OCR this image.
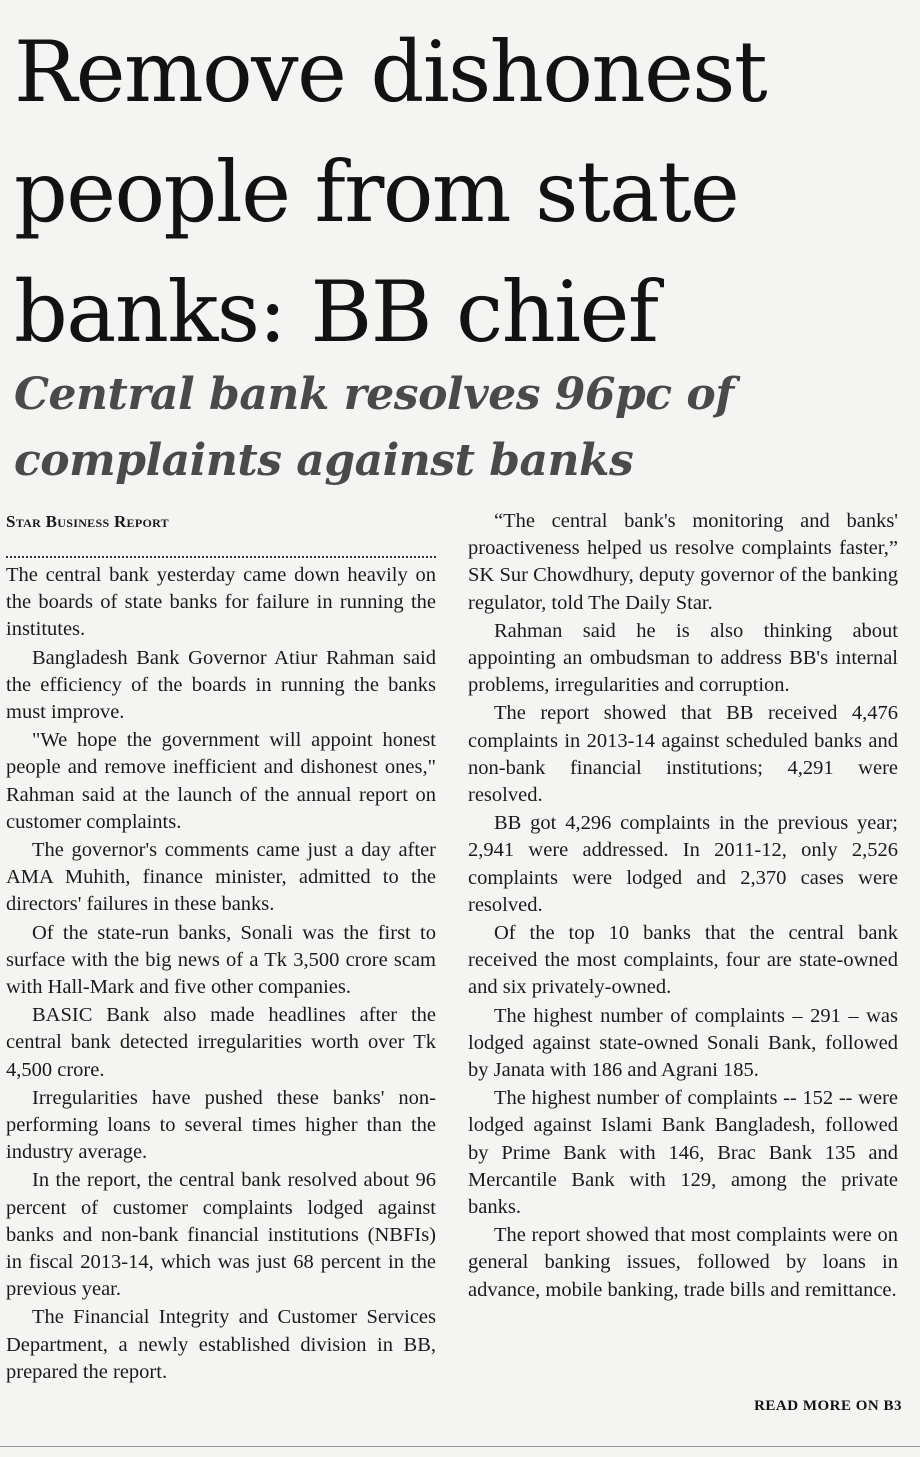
Remove dishonest people from state banks: BB chief
Central bank resolves 96pc of complaints against banks
Star Business Report

The central bank yesterday came down heavily on the boards of state banks for failure in running the institutes.

Bangladesh Bank Governor Atiur Rahman said the efficiency of the boards in running the banks must improve.

"We hope the government will appoint honest people and remove inefficient and dishonest ones," Rahman said at the launch of the annual report on customer complaints.

The governor's comments came just a day after AMA Muhith, finance minister, admitted to the directors' failures in these banks.

Of the state-run banks, Sonali was the first to surface with the big news of a Tk 3,500 crore scam with Hall-Mark and five other companies.

BASIC Bank also made headlines after the central bank detected irregularities worth over Tk 4,500 crore.

Irregularities have pushed these banks' non-performing loans to several times higher than the industry average.

In the report, the central bank resolved about 96 percent of customer complaints lodged against banks and non-bank financial institutions (NBFIs) in fiscal 2013-14, which was just 68 percent in the previous year.

The Financial Integrity and Customer Services Department, a newly established division in BB, prepared the report.

“The central bank's monitoring and banks' proactiveness helped us resolve complaints faster,” SK Sur Chowdhury, deputy governor of the banking regulator, told The Daily Star.

Rahman said he is also thinking about appointing an ombudsman to address BB's internal problems, irregularities and corruption.

The report showed that BB received 4,476 complaints in 2013-14 against scheduled banks and non-bank financial institutions; 4,291 were resolved.

BB got 4,296 complaints in the previous year; 2,941 were addressed. In 2011-12, only 2,526 complaints were lodged and 2,370 cases were resolved.

Of the top 10 banks that the central bank received the most complaints, four are state-owned and six privately-owned.

The highest number of complaints – 291 – was lodged against state-owned Sonali Bank, followed by Janata with 186 and Agrani 185.

The highest number of complaints -- 152 -- were lodged against Islami Bank Bangladesh, followed by Prime Bank with 146, Brac Bank 135 and Mercantile Bank with 129, among the private banks.

The report showed that most complaints were on general banking issues, followed by loans in advance, mobile banking, trade bills and remittance.

READ MORE ON B3
